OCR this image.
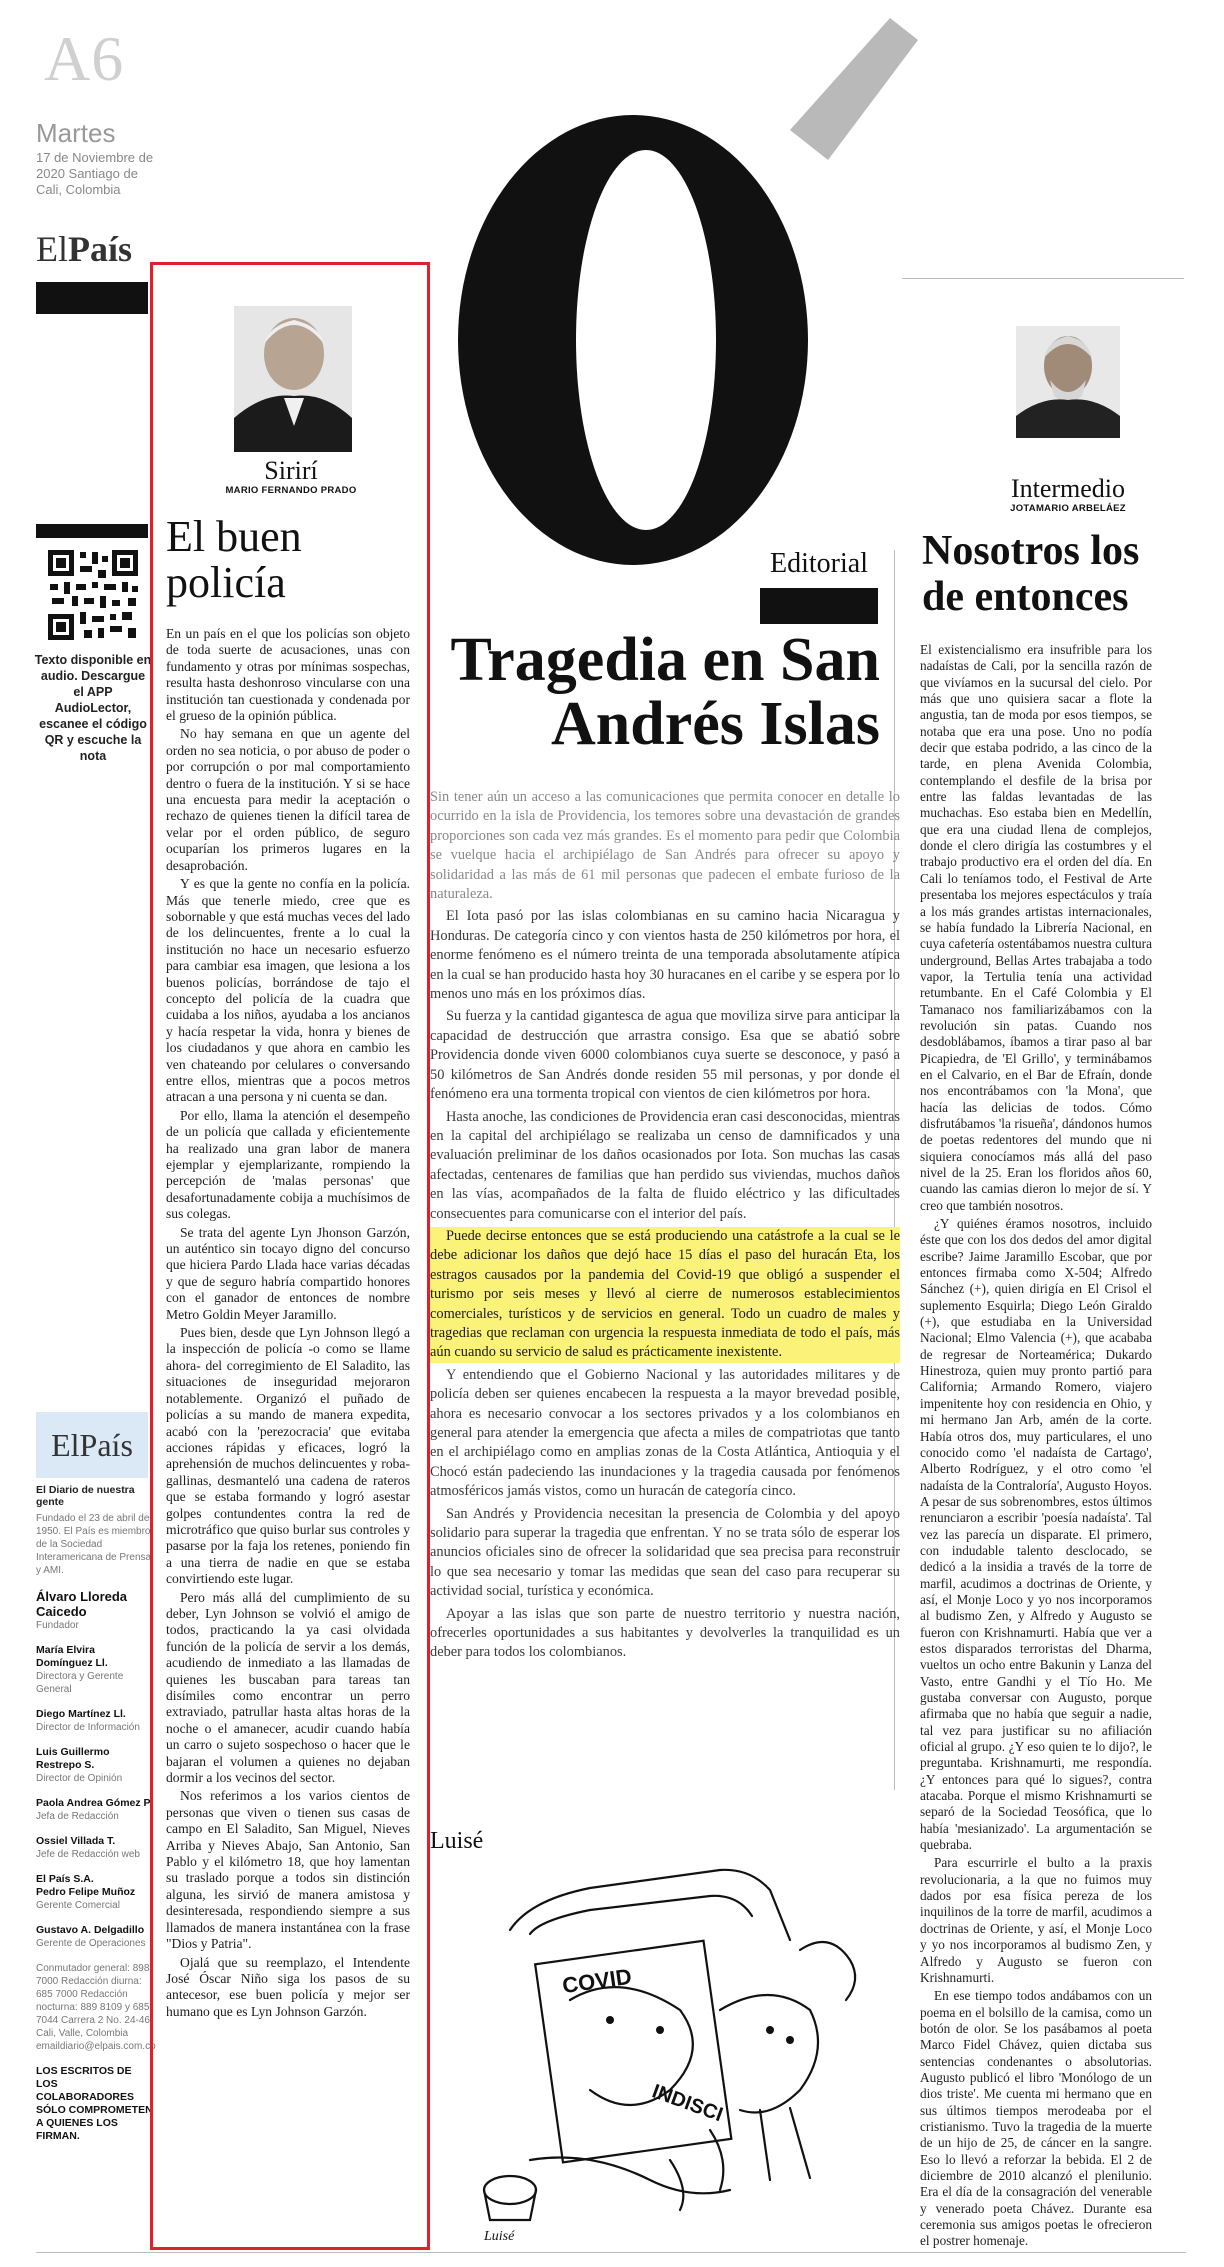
A6
Martes
17 de Noviembre de 2020 Santiago de Cali, Colombia
ElPaís
Texto disponible en audio. Descargue el APP AudioLector, escanee el código QR y escuche la nota
El País
El Diario de nuestra gente
Fundado el 23 de abril de 1950. El País es miembro de la Sociedad Interamericana de Prensa y AMI.
Álvaro Lloreda Caicedo
Fundador
María Elvira Domínguez Ll.
Directora y Gerente General
Diego Martínez Ll.
Director de Información
Luis Guillermo Restrepo S.
Director de Opinión
Paola Andrea Gómez P.
Jefa de Redacción
Ossiel Villada T.
Jefe de Redacción web
El País S.A.
Pedro Felipe Muñoz
Gerente Comercial
Gustavo A. Delgadillo
Gerente de Operaciones
Conmutador general: 898 7000 Redacción diurna: 685 7000 Redacción nocturna: 889 8109 y 685 7044 Carrera 2 No. 24-46 Cali, Valle, Colombia emaildiario@elpais.com.co
LOS ESCRITOS DE LOS COLABORADORES SÓLO COMPROMETEN A QUIENES LOS FIRMAN.
Sirirí
MARIO FERNANDO PRADO
El buen policía

En un país en el que los policías son objeto de toda suerte de acusaciones, unas con fundamento y otras por mínimas sospechas, resulta hasta deshonroso vincularse con una institución tan cuestionada y condenada por el grueso de la opinión pública.

No hay semana en que un agente del orden no sea noticia, o por abuso de poder o por corrupción o por mal comportamiento dentro o fuera de la institución. Y si se hace una encuesta para medir la aceptación o rechazo de quienes tienen la difícil tarea de velar por el orden público, de seguro ocuparían los primeros lugares en la desaprobación.

Y es que la gente no confía en la policía. Más que tenerle miedo, cree que es sobornable y que está muchas veces del lado de los delincuentes, frente a lo cual la institución no hace un necesario esfuerzo para cambiar esa imagen, que lesiona a los buenos policías, borrándose de tajo el concepto del policía de la cuadra que cuidaba a los niños, ayudaba a los ancianos y hacía respetar la vida, honra y bienes de los ciudadanos y que ahora en cambio les ven chateando por celulares o conversando entre ellos, mientras que a pocos metros atracan a una persona y ni cuenta se dan.

Por ello, llama la atención el desempeño de un policía que callada y eficientemente ha realizado una gran labor de manera ejemplar y ejemplarizante, rompiendo la percepción de 'malas personas' que desafortunadamente cobija a muchísimos de sus colegas.

Se trata del agente Lyn Jhonson Garzón, un auténtico sin tocayo digno del concurso que hiciera Pardo Llada hace varias décadas y que de seguro habría compartido honores con el ganador de entonces de nombre Metro Goldin Meyer Jaramillo.

Pues bien, desde que Lyn Johnson llegó a la inspección de policía -o como se llame ahora- del corregimiento de El Saladito, las situaciones de inseguridad mejoraron notablemente. Organizó el puñado de policías a su mando de manera expedita, acabó con la 'perezocracia' que evitaba acciones rápidas y eficaces, logró la aprehensión de muchos delincuentes y roba-gallinas, desmanteló una cadena de rateros que se estaba formando y logró asestar golpes contundentes contra la red de microtráfico que quiso burlar sus controles y pasarse por la faja los retenes, poniendo fin a una tierra de nadie en que se estaba convirtiendo este lugar.

Pero más allá del cumplimiento de su deber, Lyn Johnson se volvió el amigo de todos, practicando la ya casi olvidada función de la policía de servir a los demás, acudiendo de inmediato a las llamadas de quienes les buscaban para tareas tan disímiles como encontrar un perro extraviado, patrullar hasta altas horas de la noche o el amanecer, acudir cuando había un carro o sujeto sospechoso o hacer que le bajaran el volumen a quienes no dejaban dormir a los vecinos del sector.

Nos referimos a los varios cientos de personas que viven o tienen sus casas de campo en El Saladito, San Miguel, Nieves Arriba y Nieves Abajo, San Antonio, San Pablo y el kilómetro 18, que hoy lamentan su traslado porque a todos sin distinción alguna, les sirvió de manera amistosa y desinteresada, respondiendo siempre a sus llamados de manera instantánea con la frase "Dios y Patria".

Ojalá que su reemplazo, el Intendente José Óscar Niño siga los pasos de su antecesor, ese buen policía y mejor ser humano que es Lyn Johnson Garzón.

Editorial
Tragedia en San Andrés Islas

Sin tener aún un acceso a las comunicaciones que permita conocer en detalle lo ocurrido en la isla de Providencia, los temores sobre una devastación de grandes proporciones son cada vez más grandes. Es el momento para pedir que Colombia se vuelque hacia el archipiélago de San Andrés para ofrecer su apoyo y solidaridad a las más de 61 mil personas que padecen el embate furioso de la naturaleza.

El Iota pasó por las islas colombianas en su camino hacia Nicaragua y Honduras. De categoría cinco y con vientos hasta de 250 kilómetros por hora, el enorme fenómeno es el número treinta de una temporada absolutamente atípica en la cual se han producido hasta hoy 30 huracanes en el caribe y se espera por lo menos uno más en los próximos días.

Su fuerza y la cantidad gigantesca de agua que moviliza sirve para anticipar la capacidad de destrucción que arrastra consigo. Esa que se abatió sobre Providencia donde viven 6000 colombianos cuya suerte se desconoce, y pasó a 50 kilómetros de San Andrés donde residen 55 mil personas, y por donde el fenómeno era una tormenta tropical con vientos de cien kilómetros por hora.

Hasta anoche, las condiciones de Providencia eran casi desconocidas, mientras en la capital del archipiélago se realizaba un censo de damnificados y una evaluación preliminar de los daños ocasionados por Iota. Son muchas las casas afectadas, centenares de familias que han perdido sus viviendas, muchos daños en las vías, acompañados de la falta de fluido eléctrico y las dificultades consecuentes para comunicarse con el interior del país.

Puede decirse entonces que se está produciendo una catástrofe a la cual se le debe adicionar los daños que dejó hace 15 días el paso del huracán Eta, los estragos causados por la pandemia del Covid-19 que obligó a suspender el turismo por seis meses y llevó al cierre de numerosos establecimientos comerciales, turísticos y de servicios en general. Todo un cuadro de males y tragedias que reclaman con urgencia la respuesta inmediata de todo el país, más aún cuando su servicio de salud es prácticamente inexistente.

Y entendiendo que el Gobierno Nacional y las autoridades militares y de policía deben ser quienes encabecen la respuesta a la mayor brevedad posible, ahora es necesario convocar a los sectores privados y a los colombianos en general para atender la emergencia que afecta a miles de compatriotas que tanto en el archipiélago como en amplias zonas de la Costa Atlántica, Antioquia y el Chocó están padeciendo las inundaciones y la tragedia causada por fenómenos atmosféricos jamás vistos, como un huracán de categoría cinco.

San Andrés y Providencia necesitan la presencia de Colombia y del apoyo solidario para superar la tragedia que enfrentan. Y no se trata sólo de esperar los anuncios oficiales sino de ofrecer la solidaridad que sea precisa para reconstruir lo que sea necesario y tomar las medidas que sean del caso para recuperar su actividad social, turística y económica.

Apoyar a las islas que son parte de nuestro territorio y nuestra nación, ofrecerles oportunidades a sus habitantes y devolverles la tranquilidad es un deber para todos los colombianos.

Luisé
COVID
INDISCI
Luisé
Intermedio
JOTAMARIO ARBELÁEZ
Nosotros los de entonces

El existencialismo era insufrible para los nadaístas de Cali, por la sencilla razón de que vivíamos en la sucursal del cielo. Por más que uno quisiera sacar a flote la angustia, tan de moda por esos tiempos, se notaba que era una pose. Uno no podía decir que estaba podrido, a las cinco de la tarde, en plena Avenida Colombia, contemplando el desfile de la brisa por entre las faldas levantadas de las muchachas. Eso estaba bien en Medellín, que era una ciudad llena de complejos, donde el clero dirigía las costumbres y el trabajo productivo era el orden del día. En Cali lo teníamos todo, el Festival de Arte presentaba los mejores espectáculos y traía a los más grandes artistas internacionales, se había fundado la Librería Nacional, en cuya cafetería ostentábamos nuestra cultura underground, Bellas Artes trabajaba a todo vapor, la Tertulia tenía una actividad retumbante. En el Café Colombia y El Tamanaco nos familiarizábamos con la revolución sin patas. Cuando nos desdoblábamos, íbamos a tirar paso al bar Picapiedra, de 'El Grillo', y terminábamos en el Calvario, en el Bar de Efraín, donde nos encontrábamos con 'la Mona', que hacía las delicias de todos. Cómo disfrutábamos 'la risueña', dándonos humos de poetas redentores del mundo que ni siquiera conocíamos más allá del paso nivel de la 25. Eran los floridos años 60, cuando las camias dieron lo mejor de sí. Y creo que también nosotros.

¿Y quiénes éramos nosotros, incluido éste que con los dos dedos del amor digital escribe? Jaime Jaramillo Escobar, que por entonces firmaba como X-504; Alfredo Sánchez (+), quien dirigía en El Crisol el suplemento Esquirla; Diego León Giraldo (+), que estudiaba en la Universidad Nacional; Elmo Valencia (+), que acababa de regresar de Norteamérica; Dukardo Hinestroza, quien muy pronto partió para California; Armando Romero, viajero impenitente hoy con residencia en Ohio, y mi hermano Jan Arb, amén de la corte. Había otros dos, muy particulares, el uno conocido como 'el nadaísta de Cartago', Alberto Rodríguez, y el otro como 'el nadaísta de la Contraloría', Augusto Hoyos. A pesar de sus sobrenombres, estos últimos renunciaron a escribir 'poesía nadaísta'. Tal vez las parecía un disparate. El primero, con indudable talento desclocado, se dedicó a la insidia a través de la torre de marfil, acudimos a doctrinas de Oriente, y así, el Monje Loco y yo nos incorporamos al budismo Zen, y Alfredo y Augusto se fueron con Krishnamurti. Había que ver a estos disparados terroristas del Dharma, vueltos un ocho entre Bakunin y Lanza del Vasto, entre Gandhi y el Tío Ho. Me gustaba conversar con Augusto, porque afirmaba que no había que seguir a nadie, tal vez para justificar su no afiliación oficial al grupo. ¿Y eso quien te lo dijo?, le preguntaba. Krishnamurti, me respondía. ¿Y entonces para qué lo sigues?, contra atacaba. Porque el mismo Krishnamurti se separó de la Sociedad Teosófica, que lo había 'mesianizado'. La argumentación se quebraba.

Para escurrirle el bulto a la praxis revolucionaria, a la que no fuimos muy dados por esa física pereza de los inquilinos de la torre de marfil, acudimos a doctrinas de Oriente, y así, el Monje Loco y yo nos incorporamos al budismo Zen, y Alfredo y Augusto se fueron con Krishnamurti.

En ese tiempo todos andábamos con un poema en el bolsillo de la camisa, como un botón de olor. Se los pasábamos al poeta Marco Fidel Chávez, quien dictaba sus sentencias condenantes o absolutorias. Augusto publicó el libro 'Monólogo de un dios triste'. Me cuenta mi hermano que en sus últimos tiempos merodeaba por el cristianismo. Tuvo la tragedia de la muerte de un hijo de 25, de cáncer en la sangre. Eso lo llevó a reforzar la bebida. El 2 de diciembre de 2010 alcanzó el plenilunio. Era el día de la consagración del venerable y venerado poeta Chávez. Durante esa ceremonia sus amigos poetas le ofrecieron el postrer homenaje.
